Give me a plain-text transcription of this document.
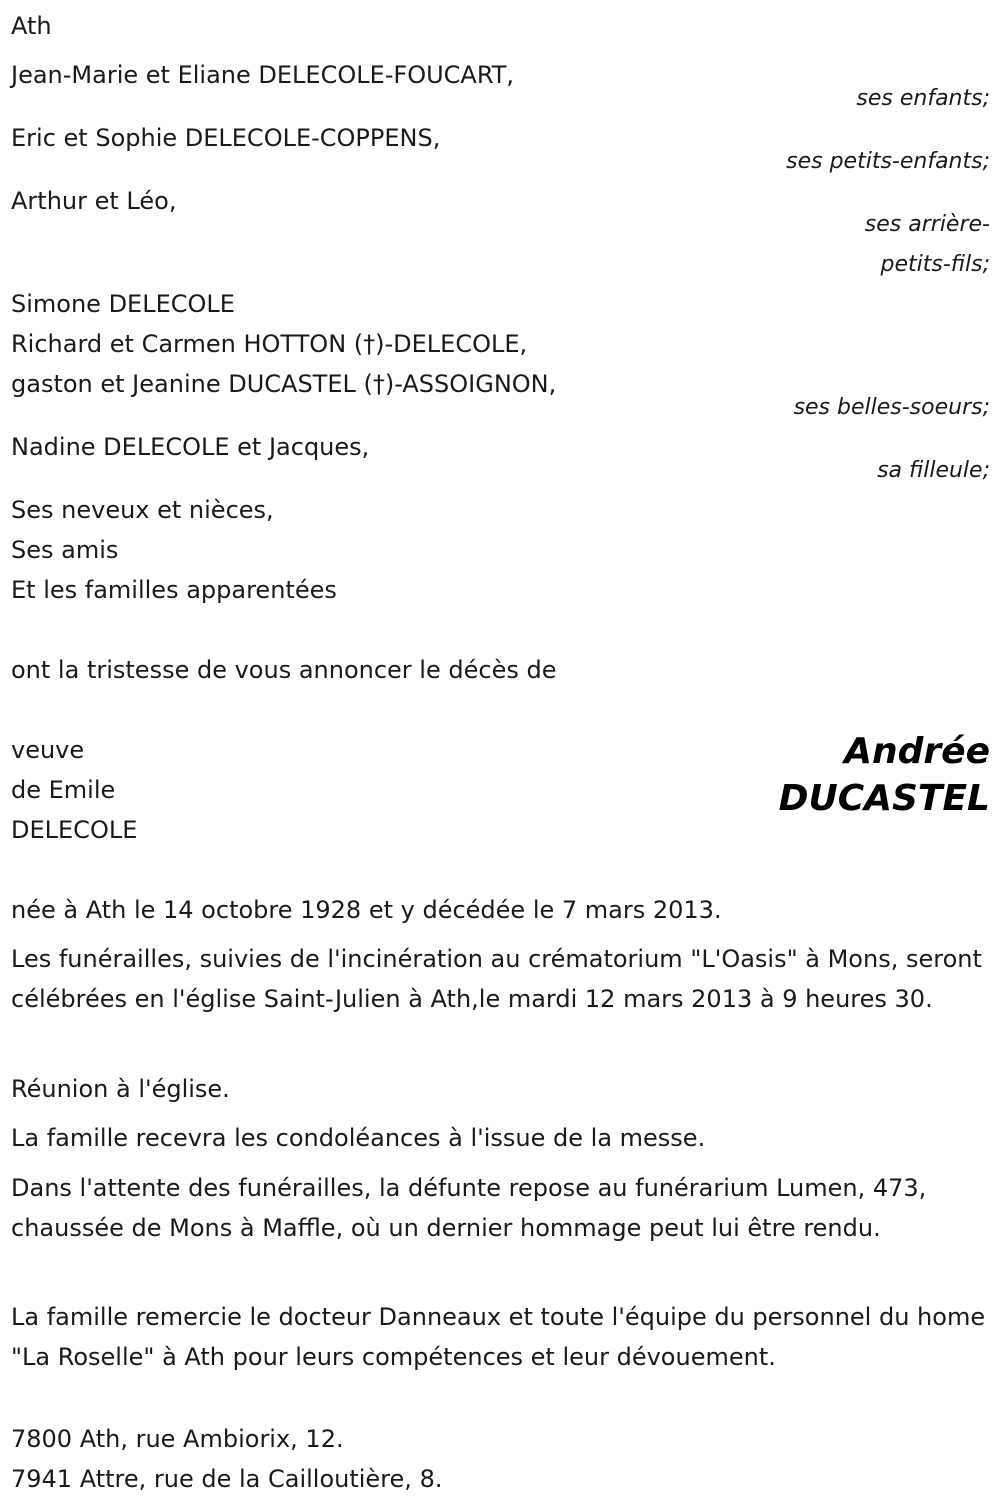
Ath
Jean-Marie et Eliane DELECOLE-FOUCART,
ses enfants;
Eric et Sophie DELECOLE-COPPENS,
ses petits-enfants;
Arthur et Léo,
ses arrière-
petits-fils;
Simone DELECOLE
Richard et Carmen HOTTON (†)-DELECOLE,
gaston et Jeanine DUCASTEL (†)-ASSOIGNON,
ses belles-soeurs;
Nadine DELECOLE et Jacques,
sa filleule;
Ses neveux et nièces,
Ses amis
Et les familles apparentées
ont la tristesse de vous annoncer le décès de
veuve
de Emile
DELECOLE
Andrée
DUCASTEL
née à Ath le 14 octobre 1928 et y décédée le 7 mars 2013.
Les funérailles, suivies de l'incinération au crématorium "L'Oasis" à Mons, seront célébrées en l'église Saint-Julien à Ath,le mardi 12 mars 2013 à 9 heures 30.
Réunion à l'église.
La famille recevra les condoléances à l'issue de la messe.
Dans l'attente des funérailles, la défunte repose au funérarium Lumen, 473, chaussée de Mons à Maffle, où un dernier hommage peut lui être rendu.
La famille remercie le docteur Danneaux et toute l'équipe du personnel du home "La Roselle" à Ath pour leurs compétences et leur dévouement.
7800 Ath, rue Ambiorix, 12.
7941 Attre, rue de la Cailloutière, 8.
